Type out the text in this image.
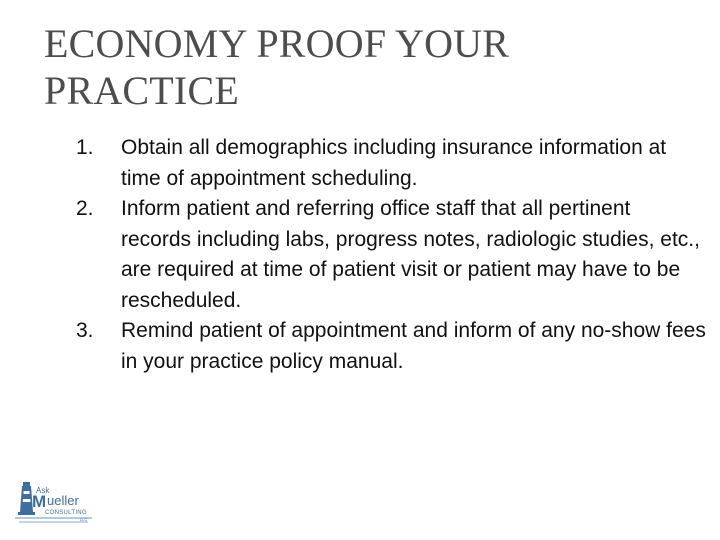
ECONOMY PROOF YOUR PRACTICE
1.	Obtain all demographics including insurance information at time of appointment scheduling.
2.	Inform patient and referring office staff that all pertinent records including labs, progress notes, radiologic studies, etc., are required at time of patient visit or patient may have to be rescheduled.
3.	Remind patient of appointment and inform of any no-show fees in your practice policy manual.
Ask
M ueller
CONSULTING
LLC
